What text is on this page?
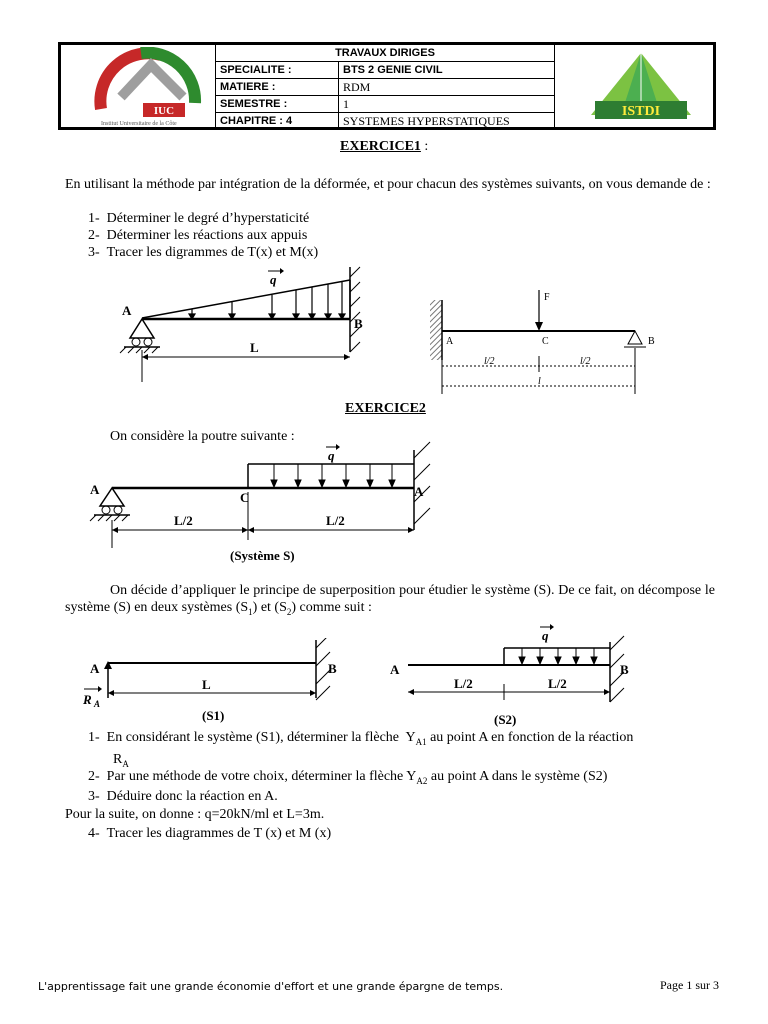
IUC
Institut Universitaire de la Côte
TRAVAUX DIRIGES
SPECIALITE :	BTS 2 GENIE CIVIL
MATIERE :	RDM
SEMESTRE :	1
CHAPITRE : 4	SYSTEMES HYPERSTATIQUES
ISTDI
EXERCICE1 :
En utilisant la méthode par intégration de la déformée, et pour chacun des systèmes suivants, on vous demande de :
1- Déterminer le degré d’hyperstaticité
2- Déterminer les réactions aux appuis
3- Tracer les digrammes de T(x) et M(x)
q
A
B
L
F
A	C	B
l/2	l/2
l
EXERCICE2
On considère la poutre suivante :
q
A
C	A
L/2	L/2
(Système S)
On décide d’appliquer le principe de superposition pour étudier le système (S). De ce fait, on décompose le système (S) en deux systèmes $(S_1)$ et $(S_2)$ comme suit :
A	B
L
R A
(S1)
q
A	B
L/2	L/2
(S2)
1-  En considérant le système (S1), déterminer la flèche  $Y_{A1}$ au point A en fonction de la réaction
$R_A$
2-  Par une méthode de votre choix, déterminer la flèche $Y_{A2}$ au point A dans le système (S2)
3- Déduire donc la réaction en A.
Pour la suite, on donne : q=20kN/ml et L=3m.
4- Tracer les diagrammes de T (x) et M (x)
L'apprentissage fait une grande économie d'effort et une grande épargne de temps.	Page 1 sur 3
